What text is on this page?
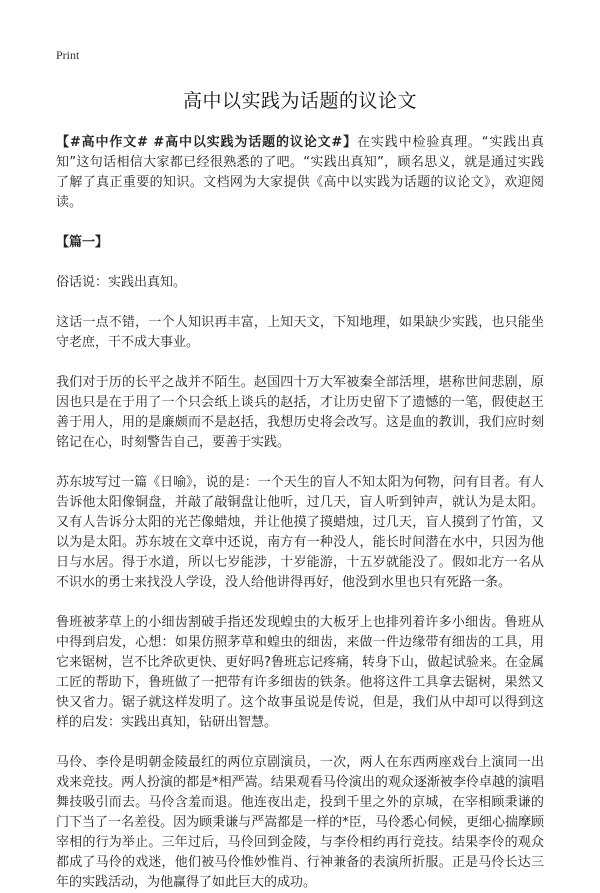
Print
高中以实践为话题的议论文

【#高中作文# #高中以实践为话题的议论文#】在实践中检验真理。“实践出真知”这句话相信大家都已经很熟悉的了吧。“实践出真知”，顾名思义，就是通过实践了解了真正重要的知识。文档网为大家提供《高中以实践为话题的议论文》，欢迎阅读。

【篇一】

俗话说：实践出真知。

这话一点不错，一个人知识再丰富，上知天文，下知地理，如果缺少实践，也只能坐守老庶，干不成大事业。

我们对于历的长平之战并不陌生。赵国四十万大军被秦全部活埋，堪称世间悲剧，原因也只是在于用了一个只会纸上谈兵的赵括，才让历史留下了遗憾的一笔，假使赵王善于用人，用的是廉颇而不是赵括，我想历史将会改写。这是血的教训，我们应时刻铭记在心，时刻警告自己，要善于实践。

苏东坡写过一篇《日喻》，说的是：一个天生的盲人不知太阳为何物，问有目者。有人告诉他太阳像铜盘，并敲了敲铜盘让他听，过几天，盲人听到钟声，就认为是太阳。又有人告诉分太阳的光芒像蜡烛，并让他摸了摸蜡烛，过几天，盲人摸到了竹笛，又以为是太阳。苏东坡在文章中还说，南方有一种没人，能长时间潜在水中，只因为他日与水居。得于水道，所以七岁能涉，十岁能游，十五岁就能没了。假如北方一名从不识水的勇士来找没人学设，没人给他讲得再好，他没到水里也只有死路一条。

鲁班被茅草上的小细齿割破手指还发现蝗虫的大板牙上也排列着许多小细齿。鲁班从中得到启发，心想：如果仿照茅草和蝗虫的细齿，来做一件边缘带有细齿的工具，用它来锯树，岂不比斧砍更快、更好吗?鲁班忘记疼痛，转身下山，做起试验来。在金属工匠的帮助下，鲁班做了一把带有许多细齿的铁条。他将这件工具拿去锯树，果然又快又省力。锯子就这样发明了。这个故事虽说是传说，但是，我们从中却可以得到这样的启发：实践出真知，钻研出智慧。

马伶、李伶是明朝金陵最红的两位京剧演员，一次，两人在东西两座戏台上演同一出戏来竞技。两人扮演的都是*相严嵩。结果观看马伶演出的观众逐渐被李伶卓越的演唱舞技吸引而去。马伶含羞而退。他连夜出走，投到千里之外的京城，在宰相顾秉谦的门下当了一名差役。因为顾秉谦与严嵩都是一样的*臣，马伶悉心伺候，更细心揣摩顾宰相的行为举止。三年过后，马伶回到金陵，与李伶相约再行竞技。结果李伶的观众都成了马伶的戏迷，他们被马伶惟妙惟肖、行神兼备的表演所折服。正是马伶长达三年的实践活动，为他赢得了如此巨大的成功。
